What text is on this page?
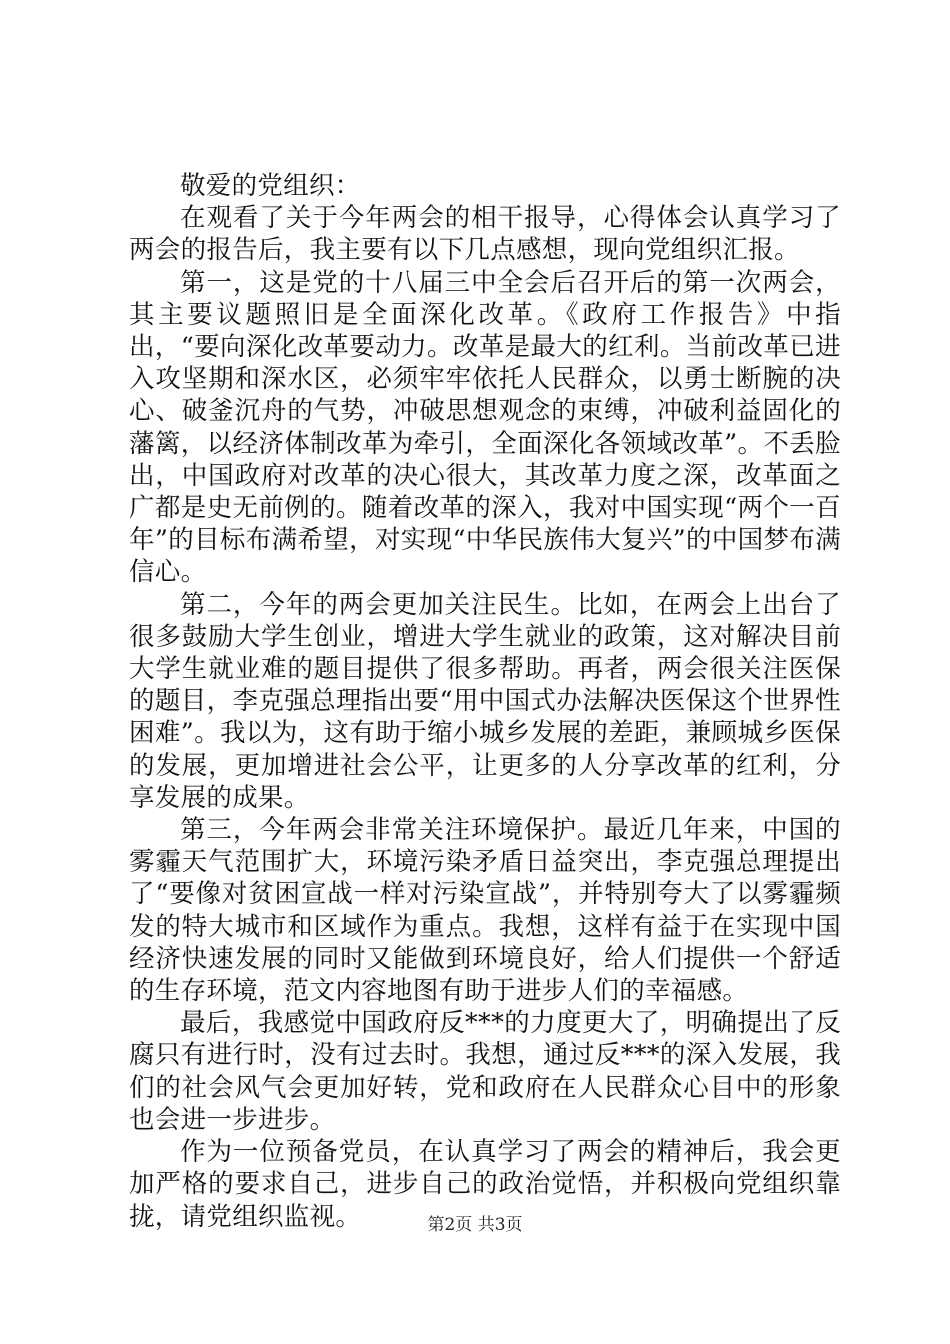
敬爱的党组织：

在观看了关于今年两会的相干报导，心得体会认真学习了两会的报告后，我主要有以下几点感想，现向党组织汇报。

第一，这是党的十八届三中全会后召开后的第一次两会，其主要议题照旧是全面深化改革。《政府工作报告》中指出，“要向深化改革要动力。改革是最大的红利。当前改革已进入攻坚期和深水区，必须牢牢依托人民群众，以勇士断腕的决心、破釜沉舟的气势，冲破思想观念的束缚，冲破利益固化的藩篱，以经济体制改革为牵引，全面深化各领域改革”。不丢脸出，中国政府对改革的决心很大，其改革力度之深，改革面之广都是史无前例的。随着改革的深入，我对中国实现“两个一百年”的目标布满希望，对实现“中华民族伟大复兴”的中国梦布满信心。

第二，今年的两会更加关注民生。比如，在两会上出台了很多鼓励大学生创业，增进大学生就业的政策，这对解决目前大学生就业难的题目提供了很多帮助。再者，两会很关注医保的题目，李克强总理指出要“用中国式办法解决医保这个世界性困难”。我以为，这有助于缩小城乡发展的差距，兼顾城乡医保的发展，更加增进社会公平，让更多的人分享改革的红利，分享发展的成果。

第三，今年两会非常关注环境保护。最近几年来，中国的雾霾天气范围扩大，环境污染矛盾日益突出，李克强总理提出了“要像对贫困宣战一样对污染宣战”，并特别夸大了以雾霾频发的特大城市和区域作为重点。我想，这样有益于在实现中国经济快速发展的同时又能做到环境良好，给人们提供一个舒适的生存环境，范文内容地图有助于进步人们的幸福感。

最后，我感觉中国政府反***的力度更大了，明确提出了反腐只有进行时，没有过去时。我想，通过反***的深入发展，我们的社会风气会更加好转，党和政府在人民群众心目中的形象也会进一步进步。

作为一位预备党员，在认真学习了两会的精神后，我会更加严格的要求自己，进步自己的政治觉悟，并积极向党组织靠拢，请党组织监视。	第2页 共3页
